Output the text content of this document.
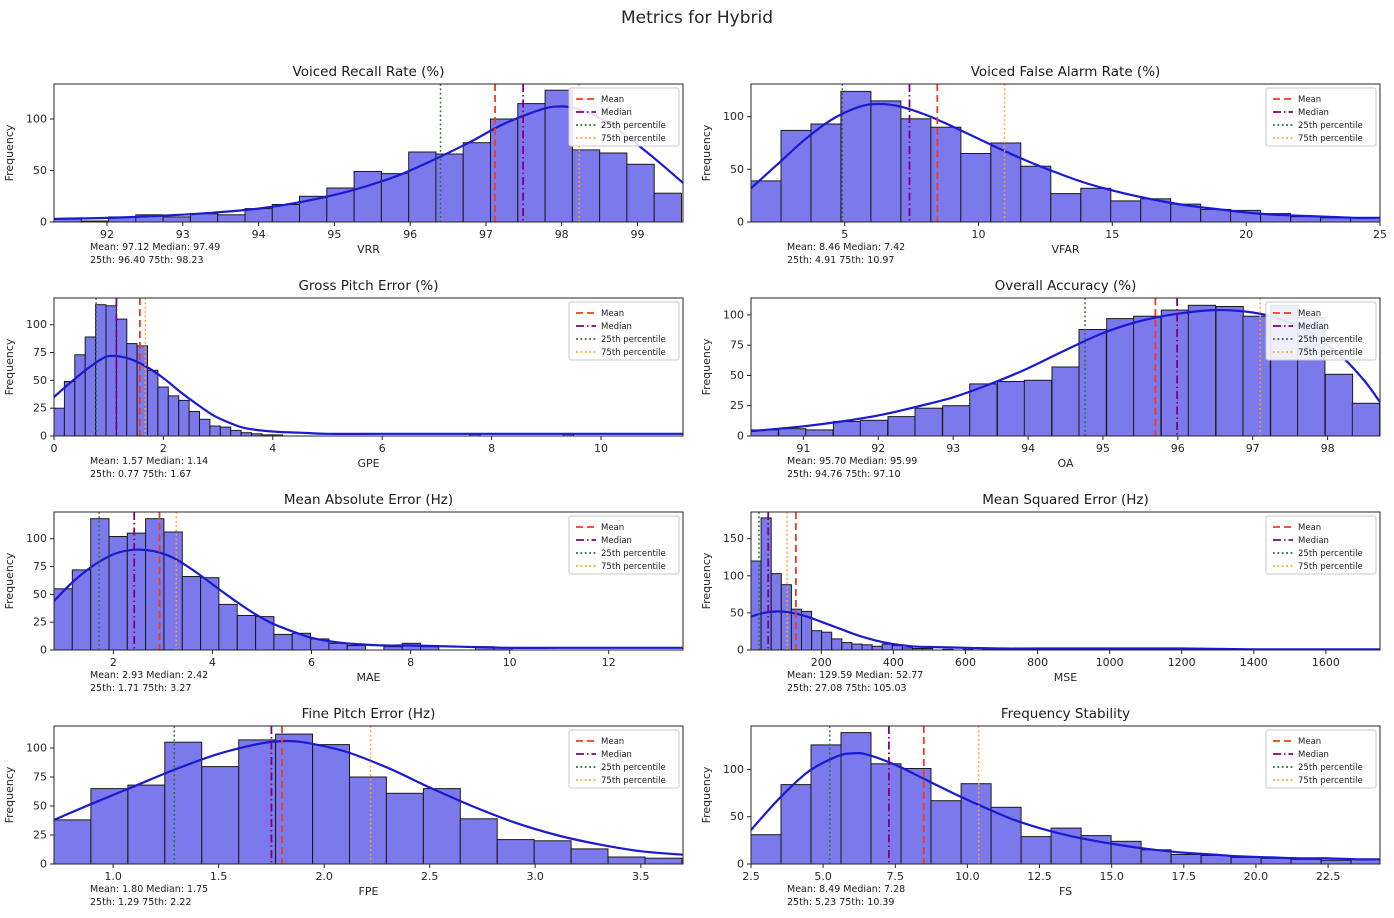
Metrics for Hybrid
92	93	94	95	96	97	98	99
0
50
100
Voiced Recall Rate (%)
Frequency
VRR
Mean: 97.12 Median: 97.49
25th: 96.40 75th: 98.23
Mean
Median
25th percentile
75th percentile
5	10	15	20	25
0
50
100
Voiced False Alarm Rate (%)
Frequency
VFAR
Mean: 8.46 Median: 7.42
25th: 4.91 75th: 10.97
Mean
Median
25th percentile
75th percentile
0	2	4	6	8	10
0
25
50
75
100
Gross Pitch Error (%)
Frequency
GPE
Mean: 1.57 Median: 1.14
25th: 0.77 75th: 1.67
Mean
Median
25th percentile
75th percentile
91	92	93	94	95	96	97	98
0
25
50
75
100
Overall Accuracy (%)
Frequency
OA
Mean: 95.70 Median: 95.99
25th: 94.76 75th: 97.10
Mean
Median
25th percentile
75th percentile
2	4	6	8	10	12
0
25
50
75
100
Mean Absolute Error (Hz)
Frequency
MAE
Mean: 2.93 Median: 2.42
25th: 1.71 75th: 3.27
Mean
Median
25th percentile
75th percentile
200	400	600	800	1000	1200	1400	1600
0
50
100
150
Mean Squared Error (Hz)
Frequency
MSE
Mean: 129.59 Median: 52.77
25th: 27.08 75th: 105.03
Mean
Median
25th percentile
75th percentile
1.0	1.5	2.0	2.5	3.0	3.5
0
25
50
75
100
Fine Pitch Error (Hz)
Frequency
FPE
Mean: 1.80 Median: 1.75
25th: 1.29 75th: 2.22
Mean
Median
25th percentile
75th percentile
2.5	5.0	7.5	10.0	12.5	15.0	17.5	20.0	22.5
0
50
100
Frequency Stability
Frequency
FS
Mean: 8.49 Median: 7.28
25th: 5.23 75th: 10.39
Mean
Median
25th percentile
75th percentile
